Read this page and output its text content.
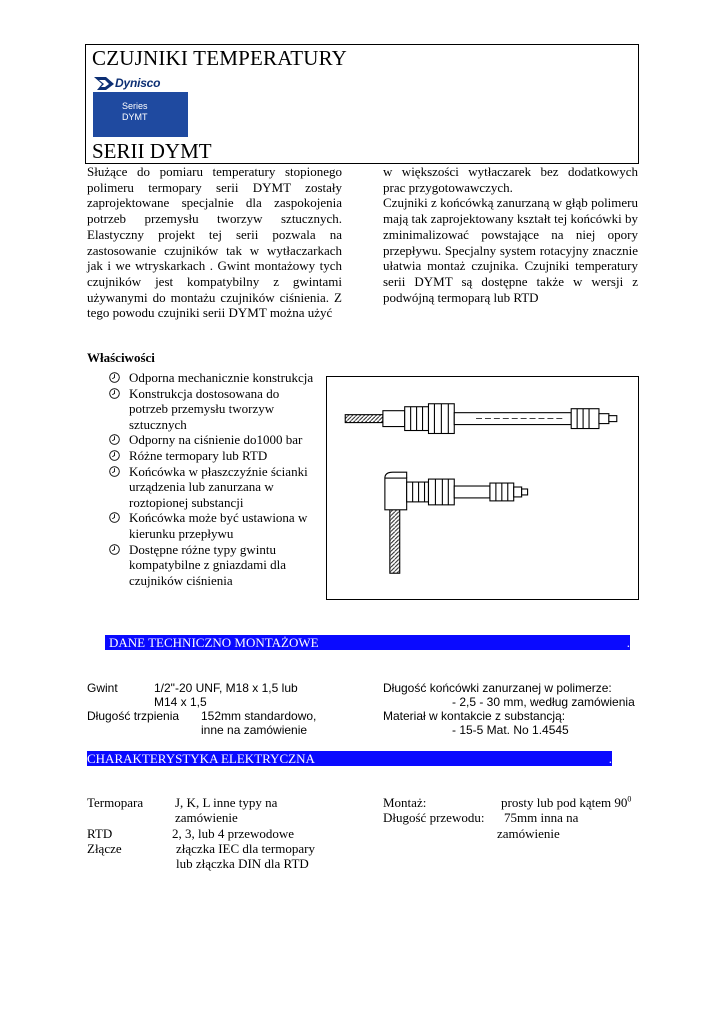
CZUJNIKI TEMPERATURY
Dynisco
Series
DYMT
SERII DYMT
Służące do pomiaru temperatury stopionego polimeru termopary serii DYMT zostały zaprojektowane specjalnie dla zaspokojenia potrzeb przemysłu tworzyw sztucznych. Elastyczny projekt tej serii pozwala na zastosowanie czujników tak w wytłaczarkach jak i we wtryskarkach . Gwint montażowy tych czujników jest kompatybilny z gwintami używanymi do montażu czujników ciśnienia. Z tego powodu czujniki serii DYMT można użyć
w większości wytłaczarek bez dodatkowych prac przygotowawczych.
Czujniki z końcówką zanurzaną w głąb polimeru mają tak zaprojektowany kształt tej końcówki by zminimalizować powstające na niej opory przepływu. Specjalny system rotacyjny znacznie ułatwia montaż czujnika. Czujniki temperatury serii DYMT są dostępne także w wersji z podwójną termoparą lub RTD
Właściwości
Odporna mechanicznie konstrukcja
Konstrukcja dostosowana do potrzeb przemysłu tworzyw sztucznych
Odporny na ciśnienie do1000 bar
Różne termopary lub RTD
Końcówka w płaszczyźnie ścianki urządzenia lub zanurzana w roztopionej substancji
Końcówka może być ustawiona w kierunku przepływu
Dostępne różne typy gwintu kompatybilne z gniazdami dla czujników ciśnienia
DANE TECHNICZNO MONTAŻOWE	.
Gwint	1/2"-20 UNF, M18 x 1,5 lub
M14 x 1,5
Długość trzpienia 152mm standardowo,
inne na zamówienie
Długość końcówki zanurzanej w polimerze:
- 2,5 - 30 mm, według zamówienia
Materiał w kontakcie z substancją:
- 15-5 Mat. No 1.4545
CHARAKTERYSTYKA ELEKTRYCZNA	.
Termopara J, K, L inne typy na
zamówienie
RTD	2, 3, lub 4 przewodowe
Złącze	złączka IEC dla termopary
lub złączka DIN dla RTD
Montaż:	prosty lub pod kątem $90^0$
Długość przewodu: 75mm inna na
zamówienie
